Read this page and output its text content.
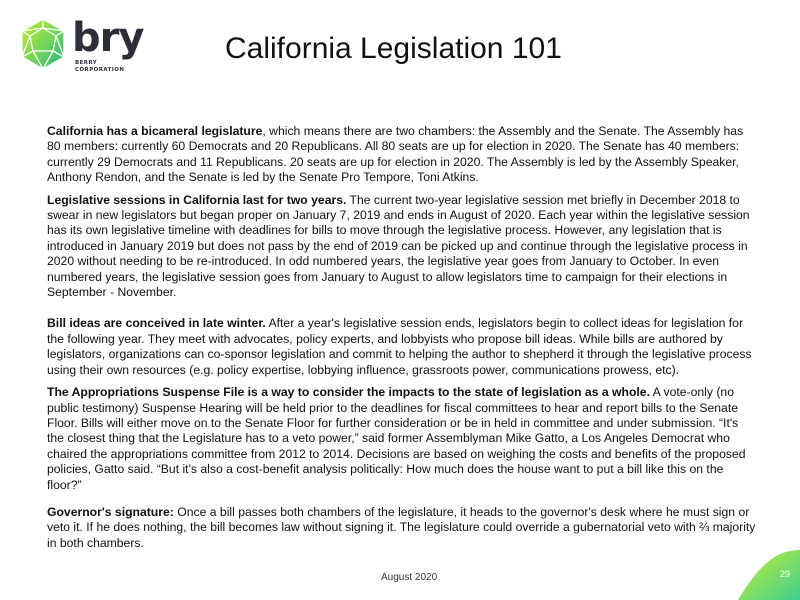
bry
BERRY
CORPORATION
California Legislation 101

California has a bicameral legislature, which means there are two chambers: the Assembly and the Senate. The Assembly has 80 members: currently 60 Democrats and 20 Republicans. All 80 seats are up for election in 2020. The Senate has 40 members: currently 29 Democrats and 11 Republicans. 20 seats are up for election in 2020. The Assembly is led by the Assembly Speaker, Anthony Rendon, and the Senate is led by the Senate Pro Tempore, Toni Atkins.

Legislative sessions in California last for two years. The current two-year legislative session met briefly in December 2018 to swear in new legislators but began proper on January 7, 2019 and ends in August of 2020. Each year within the legislative session has its own legislative timeline with deadlines for bills to move through the legislative process. However, any legislation that is introduced in January 2019 but does not pass by the end of 2019 can be picked up and continue through the legislative process in 2020 without needing to be re-introduced. In odd numbered years, the legislative year goes from January to October. In even numbered years, the legislative session goes from January to August to allow legislators time to campaign for their elections in September - November.

Bill ideas are conceived in late winter. After a year's legislative session ends, legislators begin to collect ideas for legislation for the following year. They meet with advocates, policy experts, and lobbyists who propose bill ideas. While bills are authored by legislators, organizations can co-sponsor legislation and commit to helping the author to shepherd it through the legislative process using their own resources (e.g. policy expertise, lobbying influence, grassroots power, communications prowess, etc).

The Appropriations Suspense File is a way to consider the impacts to the state of legislation as a whole. A vote-only (no public testimony) Suspense Hearing will be held prior to the deadlines for fiscal committees to hear and report bills to the Senate Floor. Bills will either move on to the Senate Floor for further consideration or be in held in committee and under submission. “It's the closest thing that the Legislature has to a veto power,” said former Assemblyman Mike Gatto, a Los Angeles Democrat who chaired the appropriations committee from 2012 to 2014. Decisions are based on weighing the costs and benefits of the proposed policies, Gatto said. “But it's also a cost-benefit analysis politically: How much does the house want to put a bill like this on the floor?”

Governor's signature: Once a bill passes both chambers of the legislature, it heads to the governor's desk where he must sign or veto it. If he does nothing, the bill becomes law without signing it. The legislature could override a gubernatorial veto with ⅔ majority in both chambers.

August 2020	29
